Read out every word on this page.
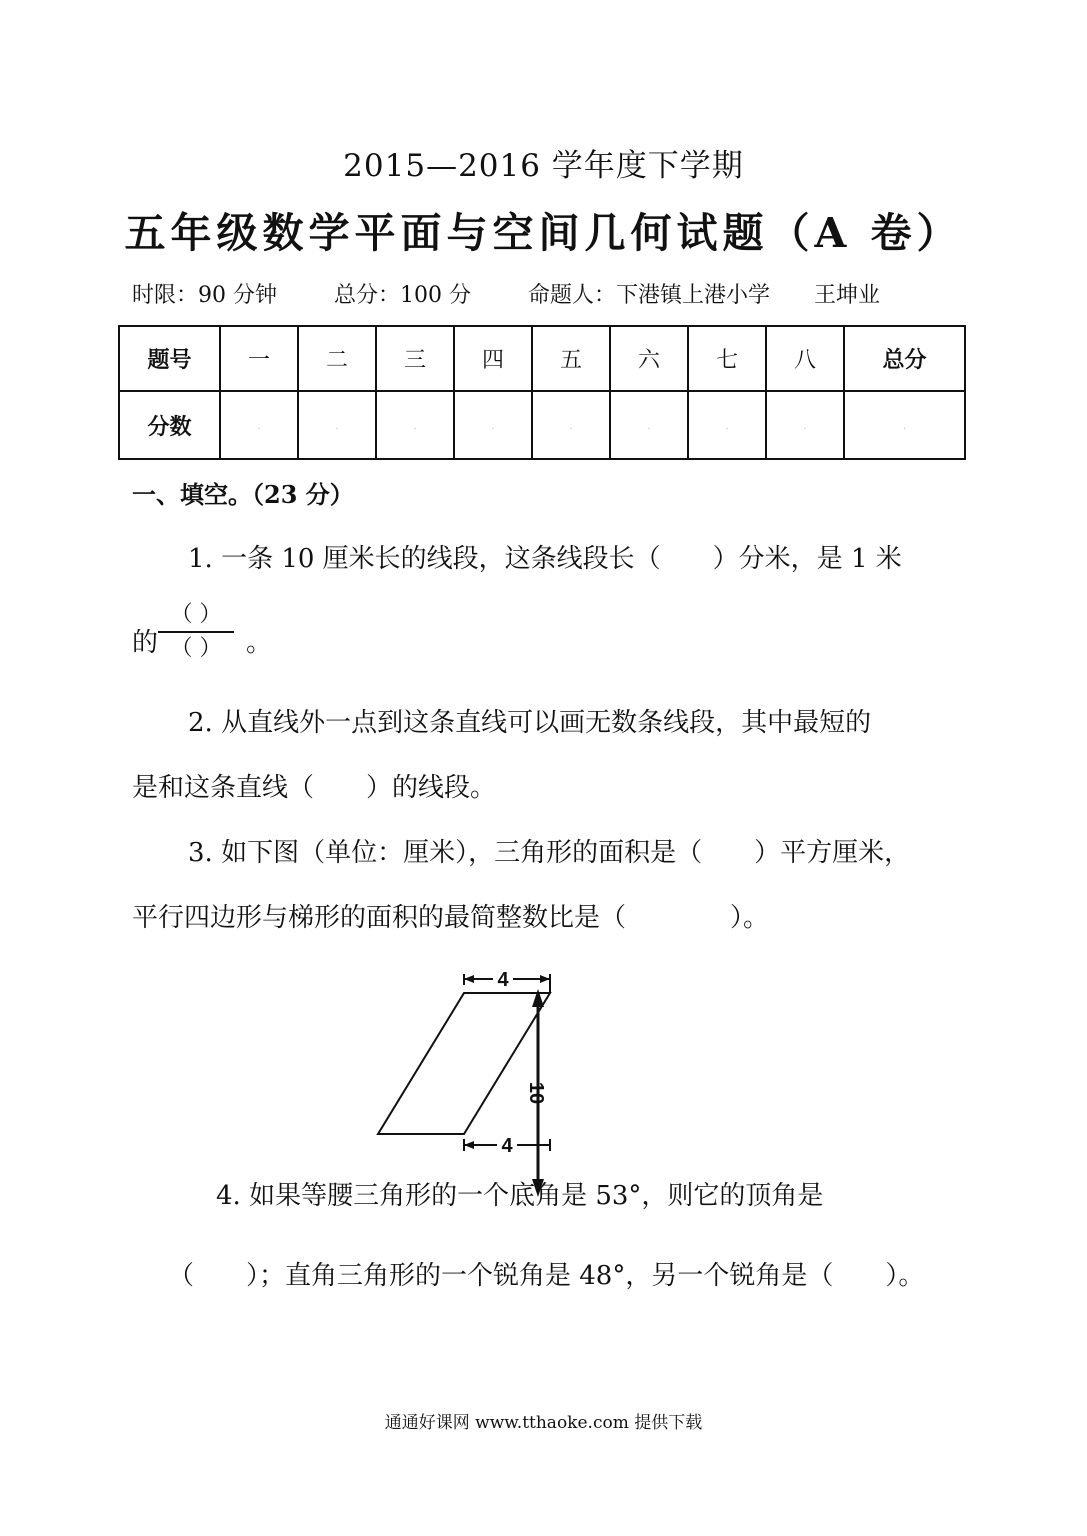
2015—2016 学年度下学期
五年级数学平面与空间几何试题（A 卷）
时限：90 分钟	总分：100 分	命题人：下港镇上港小学　　王坤业
题号	一	二	三	四	五	六	七	八	总分
分数	·	·	·	·	·	·	·	·	·
一、填空。（23 分）
1. 一条 10 厘米长的线段，这条线段长（　　）分米，是 1 米
的
（ ）
（ ） 。
2. 从直线外一点到这条直线可以画无数条线段，其中最短的
是和这条直线（　　）的线段。
3. 如下图（单位：厘米），三角形的面积是（　　）平方厘米，
平行四边形与梯形的面积的最简整数比是（　　　　）。
4
4
10
4. 如果等腰三角形的一个底角是 53°，则它的顶角是
（　　）；直角三角形的一个锐角是 48°，另一个锐角是（　　）。
通通好课网 www.tthaoke.com 提供下载
